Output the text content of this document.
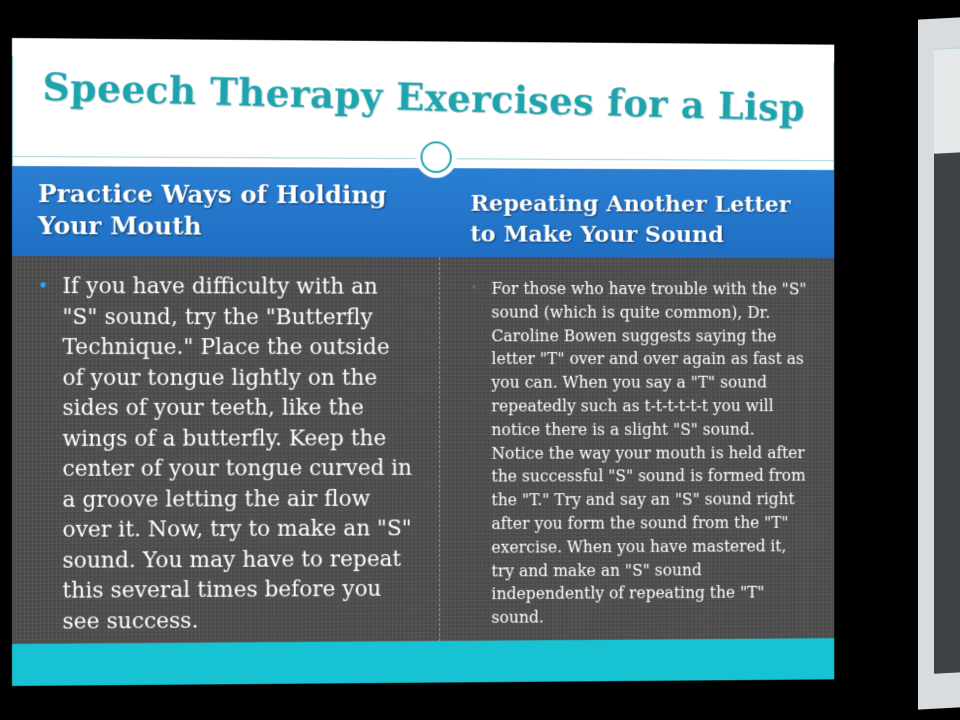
Speech Therapy Exercises for a Lisp
Practice Ways of Holding Your Mouth
Repeating Another Letter to Make Your Sound
• If you have difficulty with an "S" sound, try the "Butterfly Technique." Place the outside of your tongue lightly on the sides of your teeth, like the wings of a butterfly. Keep the center of your tongue curved in a groove letting the air flow over it. Now, try to make an "S" sound. You may have to repeat this several times before you see success.
• For those who have trouble with the "S" sound (which is quite common), Dr. Caroline Bowen suggests saying the letter "T" over and over again as fast as you can. When you say a "T" sound repeatedly such as t-t-t-t-t-t you will notice there is a slight "S" sound. Notice the way your mouth is held after the successful "S" sound is formed from the "T." Try and say an "S" sound right after you form the sound from the "T" exercise. When you have mastered it, try and make an "S" sound independently of repeating the "T" sound.
